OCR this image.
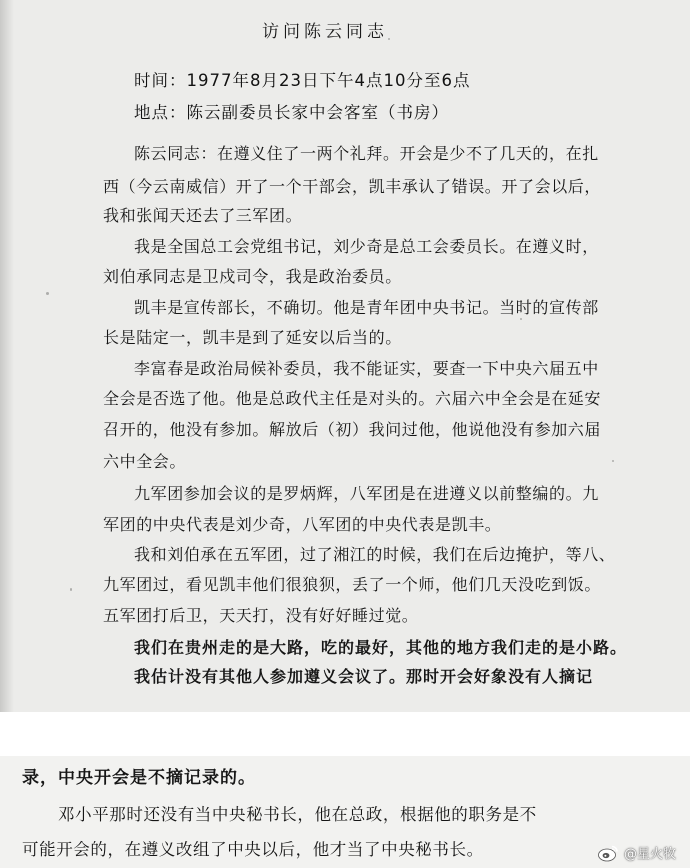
访问陈云同志
时间：1977年8月23日下午4点10分至6点
地点：陈云副委员长家中会客室（书房）
陈云同志：在遵义住了一两个礼拜。开会是少不了几天的，在扎
西（今云南威信）开了一个干部会，凯丰承认了错误。开了会以后，
我和张闻天还去了三军团。
我是全国总工会党组书记，刘少奇是总工会委员长。在遵义时，
刘伯承同志是卫戍司令，我是政治委员。
凯丰是宣传部长，不确切。他是青年团中央书记。当时的宣传部
长是陆定一，凯丰是到了延安以后当的。
李富春是政治局候补委员，我不能证实，要查一下中央六届五中
全会是否选了他。他是总政代主任是对头的。六届六中全会是在延安
召开的，他没有参加。解放后（初）我问过他，他说他没有参加六届
六中全会。
九军团参加会议的是罗炳辉，八军团是在进遵义以前整编的。九
军团的中央代表是刘少奇，八军团的中央代表是凯丰。
我和刘伯承在五军团，过了湘江的时候，我们在后边掩护，等八、
九军团过，看见凯丰他们很狼狈，丢了一个师，他们几天没吃到饭。
五军团打后卫，天天打，没有好好睡过觉。
我们在贵州走的是大路，吃的最好，其他的地方我们走的是小路。
我估计没有其他人参加遵义会议了。那时开会好象没有人摘记
录，中央开会是不摘记录的。
邓小平那时还没有当中央秘书长，他在总政，根据他的职务是不
可能开会的，在遵义改组了中央以后，他才当了中央秘书长。	@星火牧
